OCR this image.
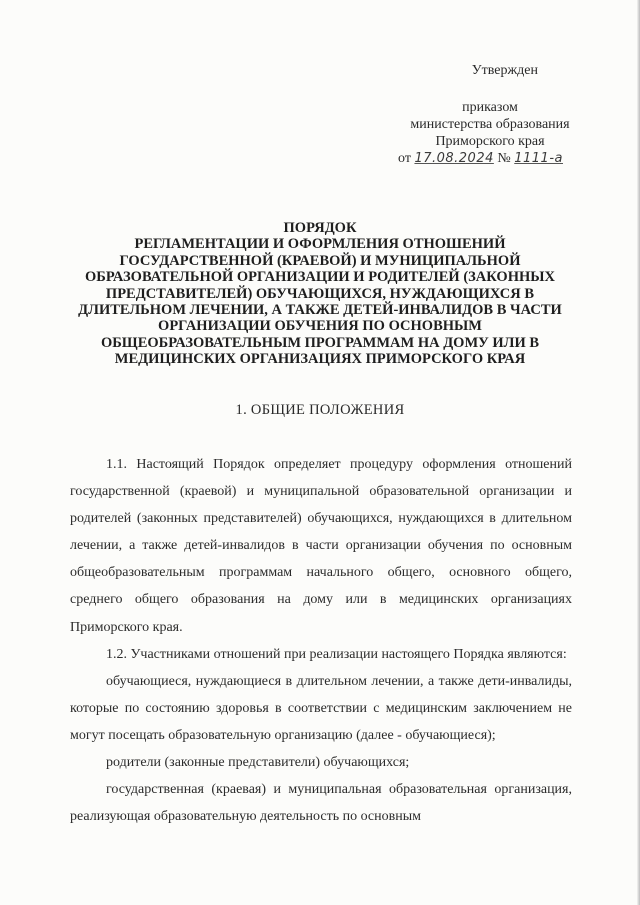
Утвержден
приказом
министерства образования
Приморского края
от 17.08.2024 № 1111-а
ПОРЯДОК
РЕГЛАМЕНТАЦИИ И ОФОРМЛЕНИЯ ОТНОШЕНИЙ
ГОСУДАРСТВЕННОЙ (КРАЕВОЙ) И МУНИЦИПАЛЬНОЙ
ОБРАЗОВАТЕЛЬНОЙ ОРГАНИЗАЦИИ И РОДИТЕЛЕЙ (ЗАКОННЫХ
ПРЕДСТАВИТЕЛЕЙ) ОБУЧАЮЩИХСЯ, НУЖДАЮЩИХСЯ В
ДЛИТЕЛЬНОМ ЛЕЧЕНИИ, А ТАКЖЕ ДЕТЕЙ-ИНВАЛИДОВ В ЧАСТИ
ОРГАНИЗАЦИИ ОБУЧЕНИЯ ПО ОСНОВНЫМ
ОБЩЕОБРАЗОВАТЕЛЬНЫМ ПРОГРАММАМ НА ДОМУ ИЛИ В
МЕДИЦИНСКИХ ОРГАНИЗАЦИЯХ ПРИМОРСКОГО КРАЯ
1. ОБЩИЕ ПОЛОЖЕНИЯ

1.1. Настоящий Порядок определяет процедуру оформления отношений государственной (краевой) и муниципальной образовательной организации и родителей (законных представителей) обучающихся, нуждающихся в длительном лечении, а также детей-инвалидов в части организации обучения по основным общеобразовательным программам начального общего, основного общего, среднего общего образования на дому или в медицинских организациях Приморского края.

1.2. Участниками отношений при реализации настоящего Порядка являются:

обучающиеся, нуждающиеся в длительном лечении, а также дети-инвалиды, которые по состоянию здоровья в соответствии с медицинским заключением не могут посещать образовательную организацию (далее - обучающиеся);

родители (законные представители) обучающихся;

государственная (краевая) и муниципальная образовательная организация, реализующая образовательную деятельность по основным
